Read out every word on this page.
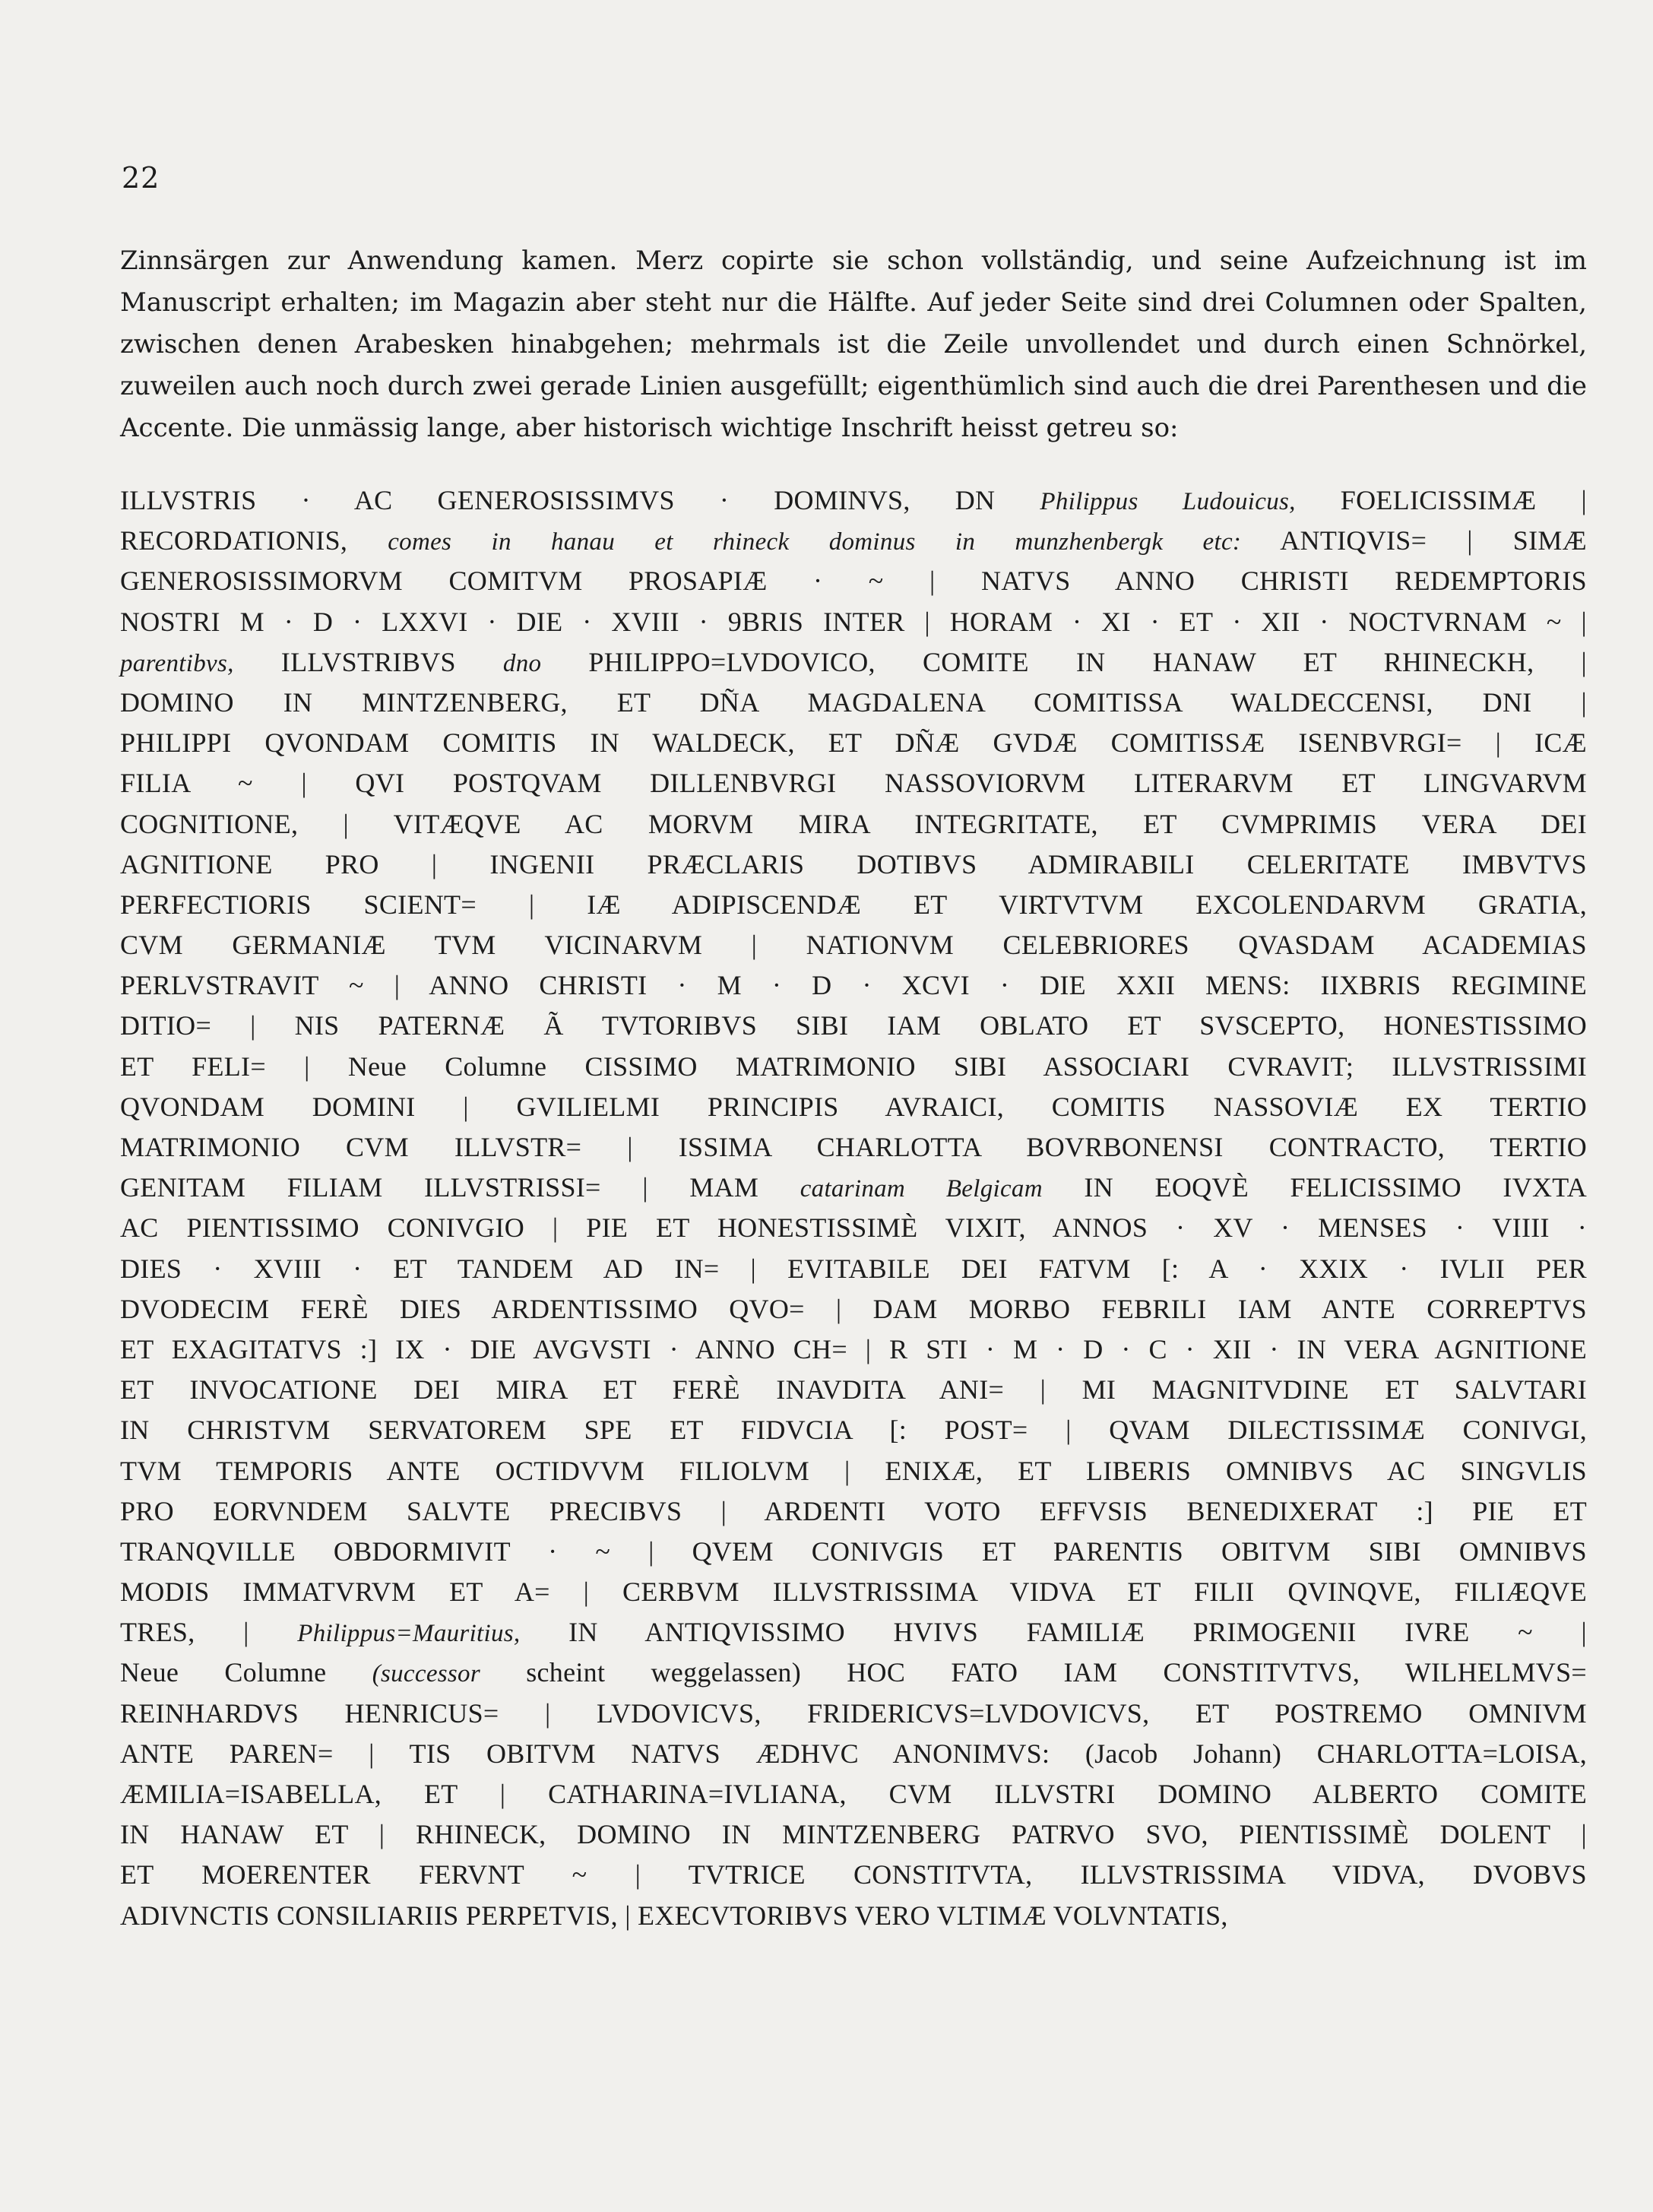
22

Zinnsärgen zur Anwendung kamen. Merz copirte sie schon vollständig, und seine Aufzeichnung ist im Manuscript erhalten; im Magazin aber steht nur die Hälfte. Auf jeder Seite sind drei Columnen oder Spalten, zwischen denen Arabesken hinabgehen; mehrmals ist die Zeile unvollendet und durch einen Schnörkel, zuweilen auch noch durch zwei gerade Linien ausgefüllt; eigenthümlich sind auch die drei Parenthesen und die Accente. Die unmässig lange, aber historisch wichtige Inschrift heisst getreu so:

ILLVSTRIS · AC GENEROSISSIMVS · DOMINVS, DN Philippus Ludouicus, FOELICISSIMÆ |
RECORDATIONIS, comes in hanau et rhineck dominus in munzhenbergk etc: ANTIQVIS= | SIMÆ
GENEROSISSIMORVM COMITVM PROSAPIÆ · ~ | NATVS ANNO CHRISTI REDEMPTORIS
NOSTRI M · D · LXXVI · DIE · XVIII · 9BRIS INTER | HORAM · XI · ET · XII · NOCTVRNAM ~ |
parentibvs, ILLVSTRIBVS dno PHILIPPO=LVDOVICO, COMITE IN HANAW ET RHINECKH, |
DOMINO IN MINTZENBERG, ET DÑA MAGDALENA COMITISSA WALDECCENSI, DNI |
PHILIPPI QVONDAM COMITIS IN WALDECK, ET DÑÆ GVDÆ COMITISSÆ ISENBVRGI= | ICÆ
FILIA ~ | QVI POSTQVAM DILLENBVRGI NASSOVIORVM LITERARVM ET LINGVARVM
COGNITIONE, | VITÆQVE AC MORVM MIRA INTEGRITATE, ET CVMPRIMIS VERA DEI
AGNITIONE PRO | INGENII PRÆCLARIS DOTIBVS ADMIRABILI CELERITATE IMBVTVS
PERFECTIORIS SCIENT= | IÆ ADIPISCENDÆ ET VIRTVTVM EXCOLENDARVM GRATIA,
CVM GERMANIÆ TVM VICINARVM | NATIONVM CELEBRIORES QVASDAM ACADEMIAS
PERLVSTRAVIT ~ | ANNO CHRISTI · M · D · XCVI · DIE XXII MENS: IIXBRIS REGIMINE
DITIO= | NIS PATERNÆ Ã TVTORIBVS SIBI IAM OBLATO ET SVSCEPTO, HONESTISSIMO
ET FELI= | Neue Columne CISSIMO MATRIMONIO SIBI ASSOCIARI CVRAVIT; ILLVSTRISSIMI
QVONDAM DOMINI | GVILIELMI PRINCIPIS AVRAICI, COMITIS NASSOVIÆ EX TERTIO
MATRIMONIO CVM ILLVSTR= | ISSIMA CHARLOTTA BOVRBONENSI CONTRACTO, TERTIO
GENITAM FILIAM ILLVSTRISSI= | MAM catarinam Belgicam IN EOQVÈ FELICISSIMO IVXTA
AC PIENTISSIMO CONIVGIO | PIE ET HONESTISSIMÈ VIXIT, ANNOS · XV · MENSES · VIIII ·
DIES · XVIII · ET TANDEM AD IN= | EVITABILE DEI FATVM [: A · XXIX · IVLII PER
DVODECIM FERÈ DIES ARDENTISSIMO QVO= | DAM MORBO FEBRILI IAM ANTE CORREPTVS
ET EXAGITATVS :] IX · DIE AVGVSTI · ANNO CH= | R STI · M · D · C · XII · IN VERA AGNITIONE
ET INVOCATIONE DEI MIRA ET FERÈ INAVDITA ANI= | MI MAGNITVDINE ET SALVTARI
IN CHRISTVM SERVATOREM SPE ET FIDVCIA [: POST= | QVAM DILECTISSIMÆ CONIVGI,
TVM TEMPORIS ANTE OCTIDVVM FILIOLVM | ENIXÆ, ET LIBERIS OMNIBVS AC SINGVLIS
PRO EORVNDEM SALVTE PRECIBVS | ARDENTI VOTO EFFVSIS BENEDIXERAT :] PIE ET
TRANQVILLE OBDORMIVIT · ~ | QVEM CONIVGIS ET PARENTIS OBITVM SIBI OMNIBVS
MODIS IMMATVRVM ET A= | CERBVM ILLVSTRISSIMA VIDVA ET FILII QVINQVE, FILIÆQVE
TRES, | Philippus=Mauritius, IN ANTIQVISSIMO HVIVS FAMILIÆ PRIMOGENII IVRE ~ |
Neue Columne (successor scheint weggelassen) HOC FATO IAM CONSTITVTVS, WILHELMVS=
REINHARDVS HENRICUS= | LVDOVICVS, FRIDERICVS=LVDOVICVS, ET POSTREMO OMNIVM
ANTE PAREN= | TIS OBITVM NATVS ÆDHVC ANONIMVS: (Jacob Johann) CHARLOTTA=LOISA,
ÆMILIA=ISABELLA, ET | CATHARINA=IVLIANA, CVM ILLVSTRI DOMINO ALBERTO COMITE
IN HANAW ET | RHINECK, DOMINO IN MINTZENBERG PATRVO SVO, PIENTISSIMÈ DOLENT |
ET MOERENTER FERVNT ~ | TVTRICE CONSTITVTA, ILLVSTRISSIMA VIDVA, DVOBVS
ADIVNCTIS CONSILIARIIS PERPETVIS, | EXECVTORIBVS VERO VLTIMÆ VOLVNTATIS,
